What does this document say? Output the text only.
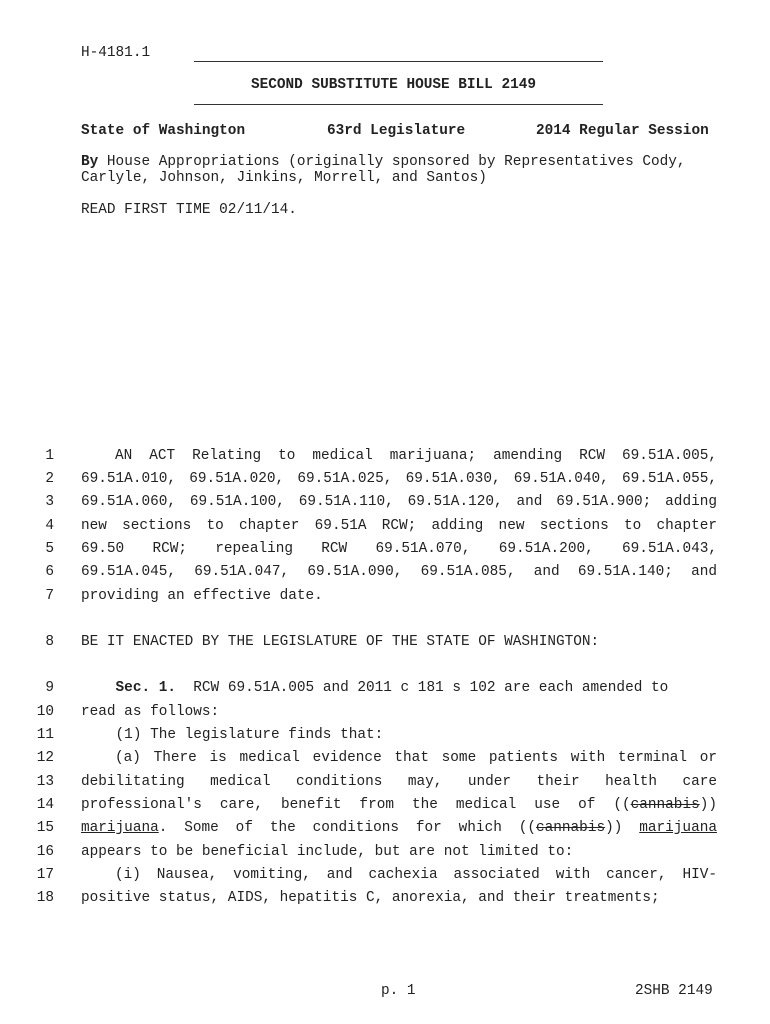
H-4181.1
SECOND SUBSTITUTE HOUSE BILL 2149
State of Washington	63rd Legislature	2014 Regular Session
By House Appropriations (originally sponsored by Representatives Cody,
Carlyle, Johnson, Jinkins, Morrell, and Santos)
READ FIRST TIME 02/11/14.
1	AN ACT Relating to medical marijuana; amending RCW 69.51A.005,
2 69.51A.010, 69.51A.020, 69.51A.025, 69.51A.030, 69.51A.040, 69.51A.055,
3 69.51A.060, 69.51A.100, 69.51A.110, 69.51A.120, and 69.51A.900; adding
4 new sections to chapter 69.51A RCW; adding new sections to chapter
5 69.50 RCW; repealing RCW 69.51A.070, 69.51A.200, 69.51A.043,
6 69.51A.045, 69.51A.047, 69.51A.090, 69.51A.085, and 69.51A.140; and
7 providing an effective date.
8 BE IT ENACTED BY THE LEGISLATURE OF THE STATE OF WASHINGTON:
9	Sec. 1. RCW 69.51A.005 and 2011 c 181 s 102 are each amended to
10 read as follows:
11 (1) The legislature finds that:
12	(a) There is medical evidence that some patients with terminal or
13 debilitating medical conditions may, under their health care
14 professional's care, benefit from the medical use of ((cannabis))
15 marijuana. Some of the conditions for which ((cannabis)) marijuana
16 appears to be beneficial include, but are not limited to:
17	(i) Nausea, vomiting, and cachexia associated with cancer, HIV-
18 positive status, AIDS, hepatitis C, anorexia, and their treatments;
p. 1	2SHB 2149
